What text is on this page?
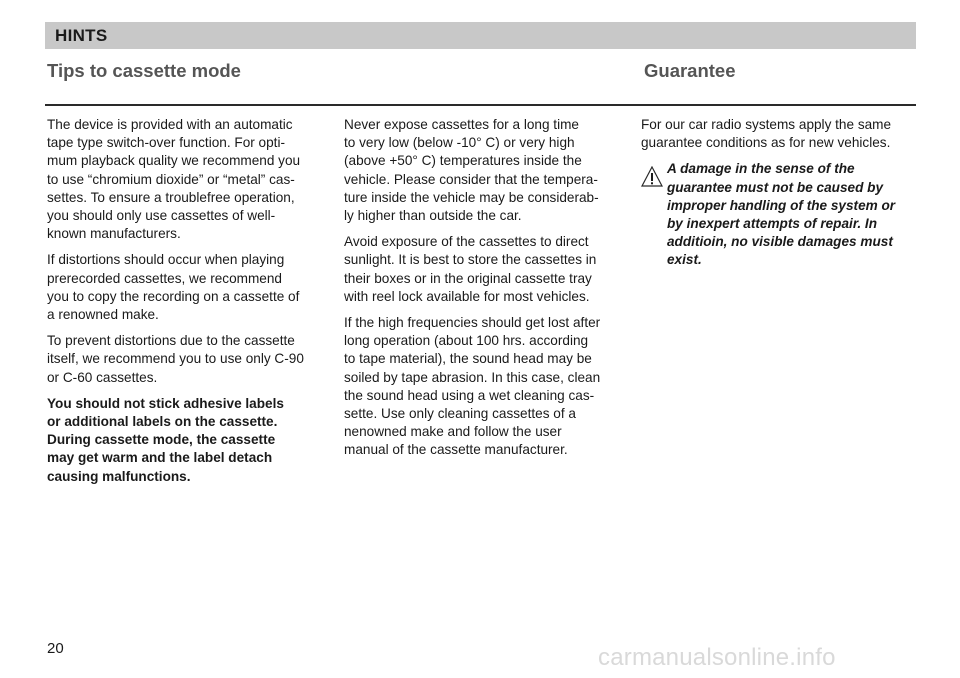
HINTS
Tips to cassette mode	Guarantee

The device is provided with an automatic
tape type switch-over function. For opti-
mum playback quality we recommend you
to use “chromium dioxide” or “metal” cas-
settes. To ensure a troublefree operation,
you should only use cassettes of well-
known manufacturers.

If distortions should occur when playing
prerecorded cassettes, we recommend
you to copy the recording on a cassette of
a renowned make.

To prevent distortions due to the cassette
itself, we recommend you to use only C-90
or C-60 cassettes.

You should not stick adhesive labels
or additional labels on the cassette.
During cassette mode, the cassette
may get warm and the label detach
causing malfunctions.

Never expose cassettes for a long time
to very low (below -10° C) or very high
(above +50° C) temperatures inside the
vehicle. Please consider that the tempera-
ture inside the vehicle may be considerab-
ly higher than outside the car.

Avoid exposure of the cassettes to direct
sunlight. It is best to store the cassettes in
their boxes or in the original cassette tray
with reel lock available for most vehicles.

If the high frequencies should get lost after
long operation (about 100 hrs. according
to tape material), the sound head may be
soiled by tape abrasion. In this case, clean
the sound head using a wet cleaning cas-
sette. Use only cleaning cassettes of a
nenowned make and follow the user
manual of the cassette manufacturer.

For our car radio systems apply the same
guarantee conditions as for new vehicles.

A damage in the sense of the
guarantee must not be caused by
improper handling of the system or
by inexpert attempts of repair. In
additioin, no visible damages must
exist.
20	carmanualsonline.info
